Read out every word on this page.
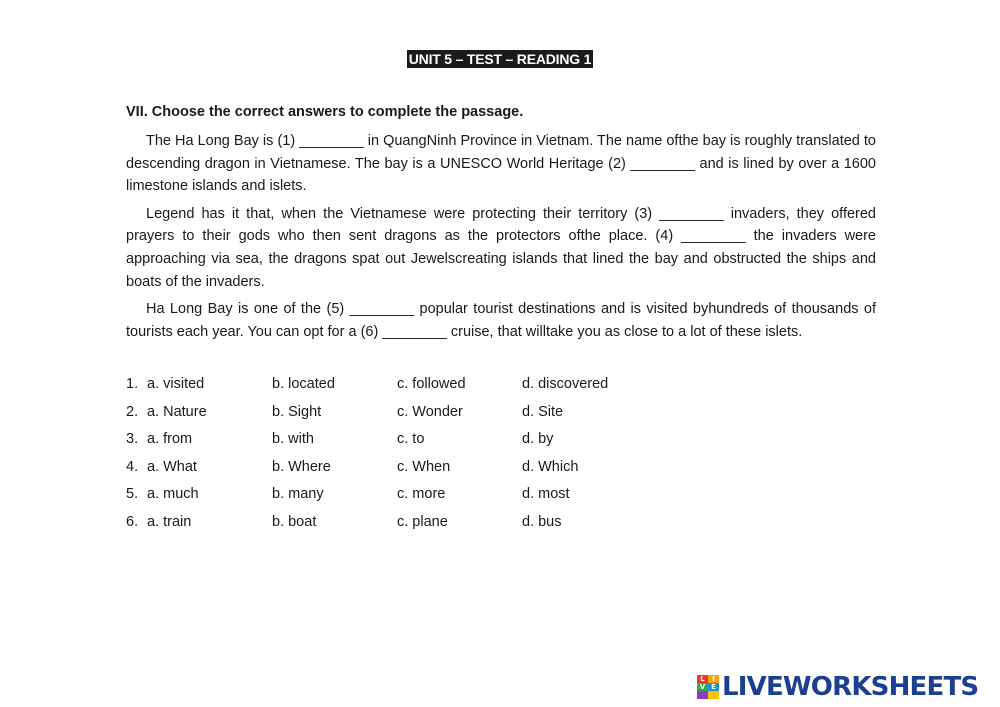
UNIT 5 – TEST – READING 1
VII. Choose the correct answers to complete the passage.

The Ha Long Bay is (1) ________ in QuangNinh Province in Vietnam. The name ofthe bay is roughly translated to descending dragon in Vietnamese. The bay is a UNESCO World Heritage (2) ________ and is lined by over a 1600 limestone islands and islets.

Legend has it that, when the Vietnamese were protecting their territory (3) ________ invaders, they offered prayers to their gods who then sent dragons as the protectors ofthe place. (4) ________ the invaders were approaching via sea, the dragons spat out Jewelscreating islands that lined the bay and obstructed the ships and boats of the invaders.

Ha Long Bay is one of the (5) ________ popular tourist destinations and is visited byhundreds of thousands of tourists each year. You can opt for a (6) ________ cruise, that willtake you as close to a lot of these islets.

1. a. visited	b. located	c. followed	d. discovered
2. a. Nature	b. Sight	c. Wonder	d. Site
3. a. from	b. with	c. to	d. by
4. a. What	b. Where	c. When	d. Which
5. a. much	b. many	c. more	d. most
6. a. train	b. boat	c. plane	d. bus
L	I
V E LIVEWORKSHEETS
